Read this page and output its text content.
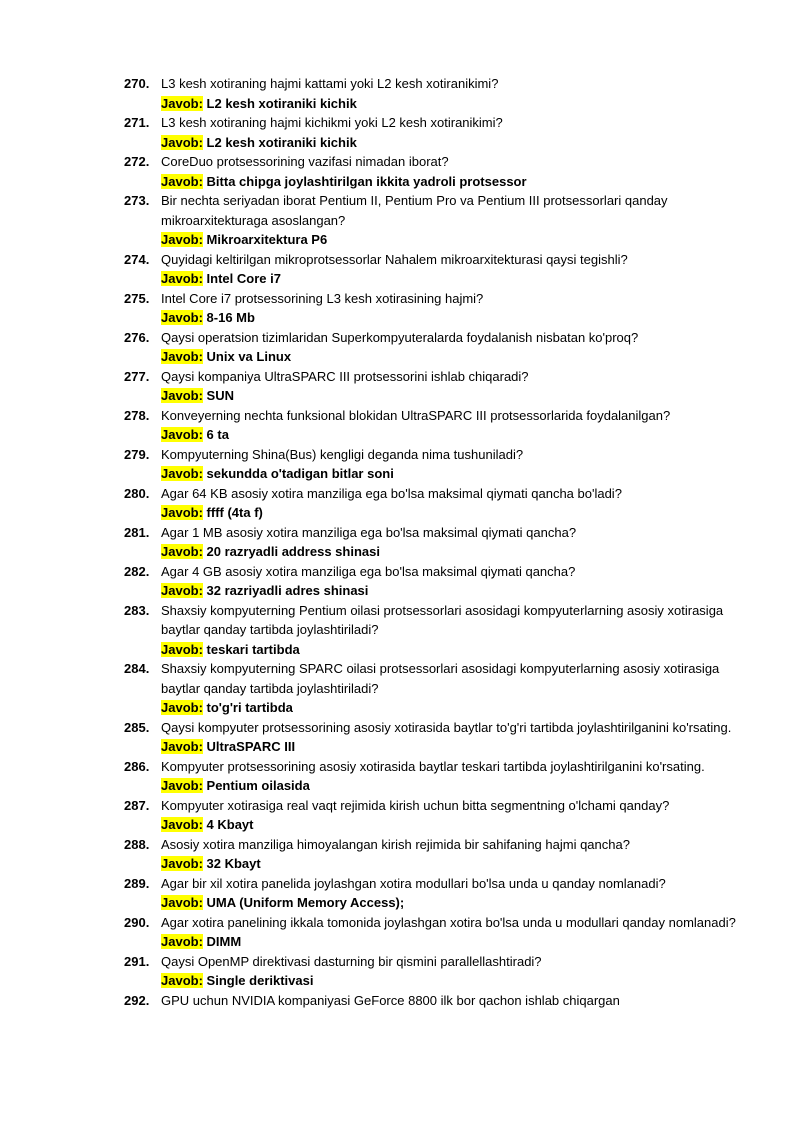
270. L3 kesh xotiraning hajmi kattami yoki L2 kesh xotiranikimi?

Javob: L2 kesh xotiraniki kichik

271. L3 kesh xotiraning hajmi kichikmi yoki L2 kesh xotiranikimi?

Javob: L2 kesh xotiraniki kichik

272. CoreDuo protsessorining vazifasi nimadan iborat?

Javob: Bitta chipga joylashtirilgan ikkita yadroli protsessor

273. Bir nechta seriyadan iborat Pentium II, Pentium Pro va Pentium III protsessorlari qanday mikroarxitekturaga asoslangan?

Javob: Mikroarxitektura P6

274. Quyidagi keltirilgan mikroprotsessorlar Nahalem mikroarxitekturasi qaysi tegishli?

Javob: Intel Core i7

275. Intel Core i7 protsessorining L3 kesh xotirasining hajmi?

Javob: 8-16 Mb

276. Qaysi operatsion tizimlaridan Superkompyuteralarda foydalanish nisbatan ko'proq?

Javob: Unix va Linux

277. Qaysi kompaniya UltraSPARC III protsessorini ishlab chiqaradi?

Javob: SUN

278. Konveyerning nechta funksional blokidan UltraSPARC III protsessorlarida foydalanilgan?

Javob: 6 ta

279. Kompyuterning Shina(Bus) kengligi deganda nima tushuniladi?

Javob: sekundda o'tadigan bitlar soni

280. Agar 64 KB asosiy xotira manziliga ega bo'lsa maksimal qiymati qancha bo'ladi?

Javob: ffff (4ta f)

281. Agar 1 MB asosiy xotira manziliga ega bo'lsa maksimal qiymati qancha?

Javob: 20 razryadli address shinasi

282. Agar 4 GB asosiy xotira manziliga ega bo'lsa maksimal qiymati qancha?

Javob: 32 razriyadli adres shinasi

283. Shaxsiy kompyuterning Pentium oilasi protsessorlari asosidagi kompyuterlarning asosiy xotirasiga baytlar qanday tartibda joylashtiriladi?

Javob: teskari tartibda

284. Shaxsiy kompyuterning SPARC oilasi protsessorlari asosidagi kompyuterlarning asosiy xotirasiga baytlar qanday tartibda joylashtiriladi?

Javob: to'g'ri tartibda

285. Qaysi kompyuter protsessorining asosiy xotirasida baytlar to'g'ri tartibda joylashtirilganini ko'rsating.

Javob: UltraSPARC III

286. Kompyuter protsessorining asosiy xotirasida baytlar teskari tartibda joylashtirilganini ko'rsating.

Javob: Pentium oilasida

287. Kompyuter xotirasiga real vaqt rejimida kirish uchun bitta segmentning o'lchami qanday?

Javob: 4 Kbayt

288. Asosiy xotira manziliga himoyalangan kirish rejimida bir sahifaning hajmi qancha?

Javob: 32 Kbayt

289. Agar bir xil xotira panelida joylashgan xotira modullari bo'lsa unda u qanday nomlanadi?

Javob: UMA (Uniform Memory Access);

290. Agar xotira panelining ikkala tomonida joylashgan xotira bo'lsa unda u modullari qanday nomlanadi?

Javob: DIMM

291. Qaysi OpenMP direktivasi dasturning bir qismini parallellashtiradi?

Javob: Single deriktivasi

292. GPU uchun NVIDIA kompaniyasi GeForce 8800 ilk bor qachon ishlab chiqargan
